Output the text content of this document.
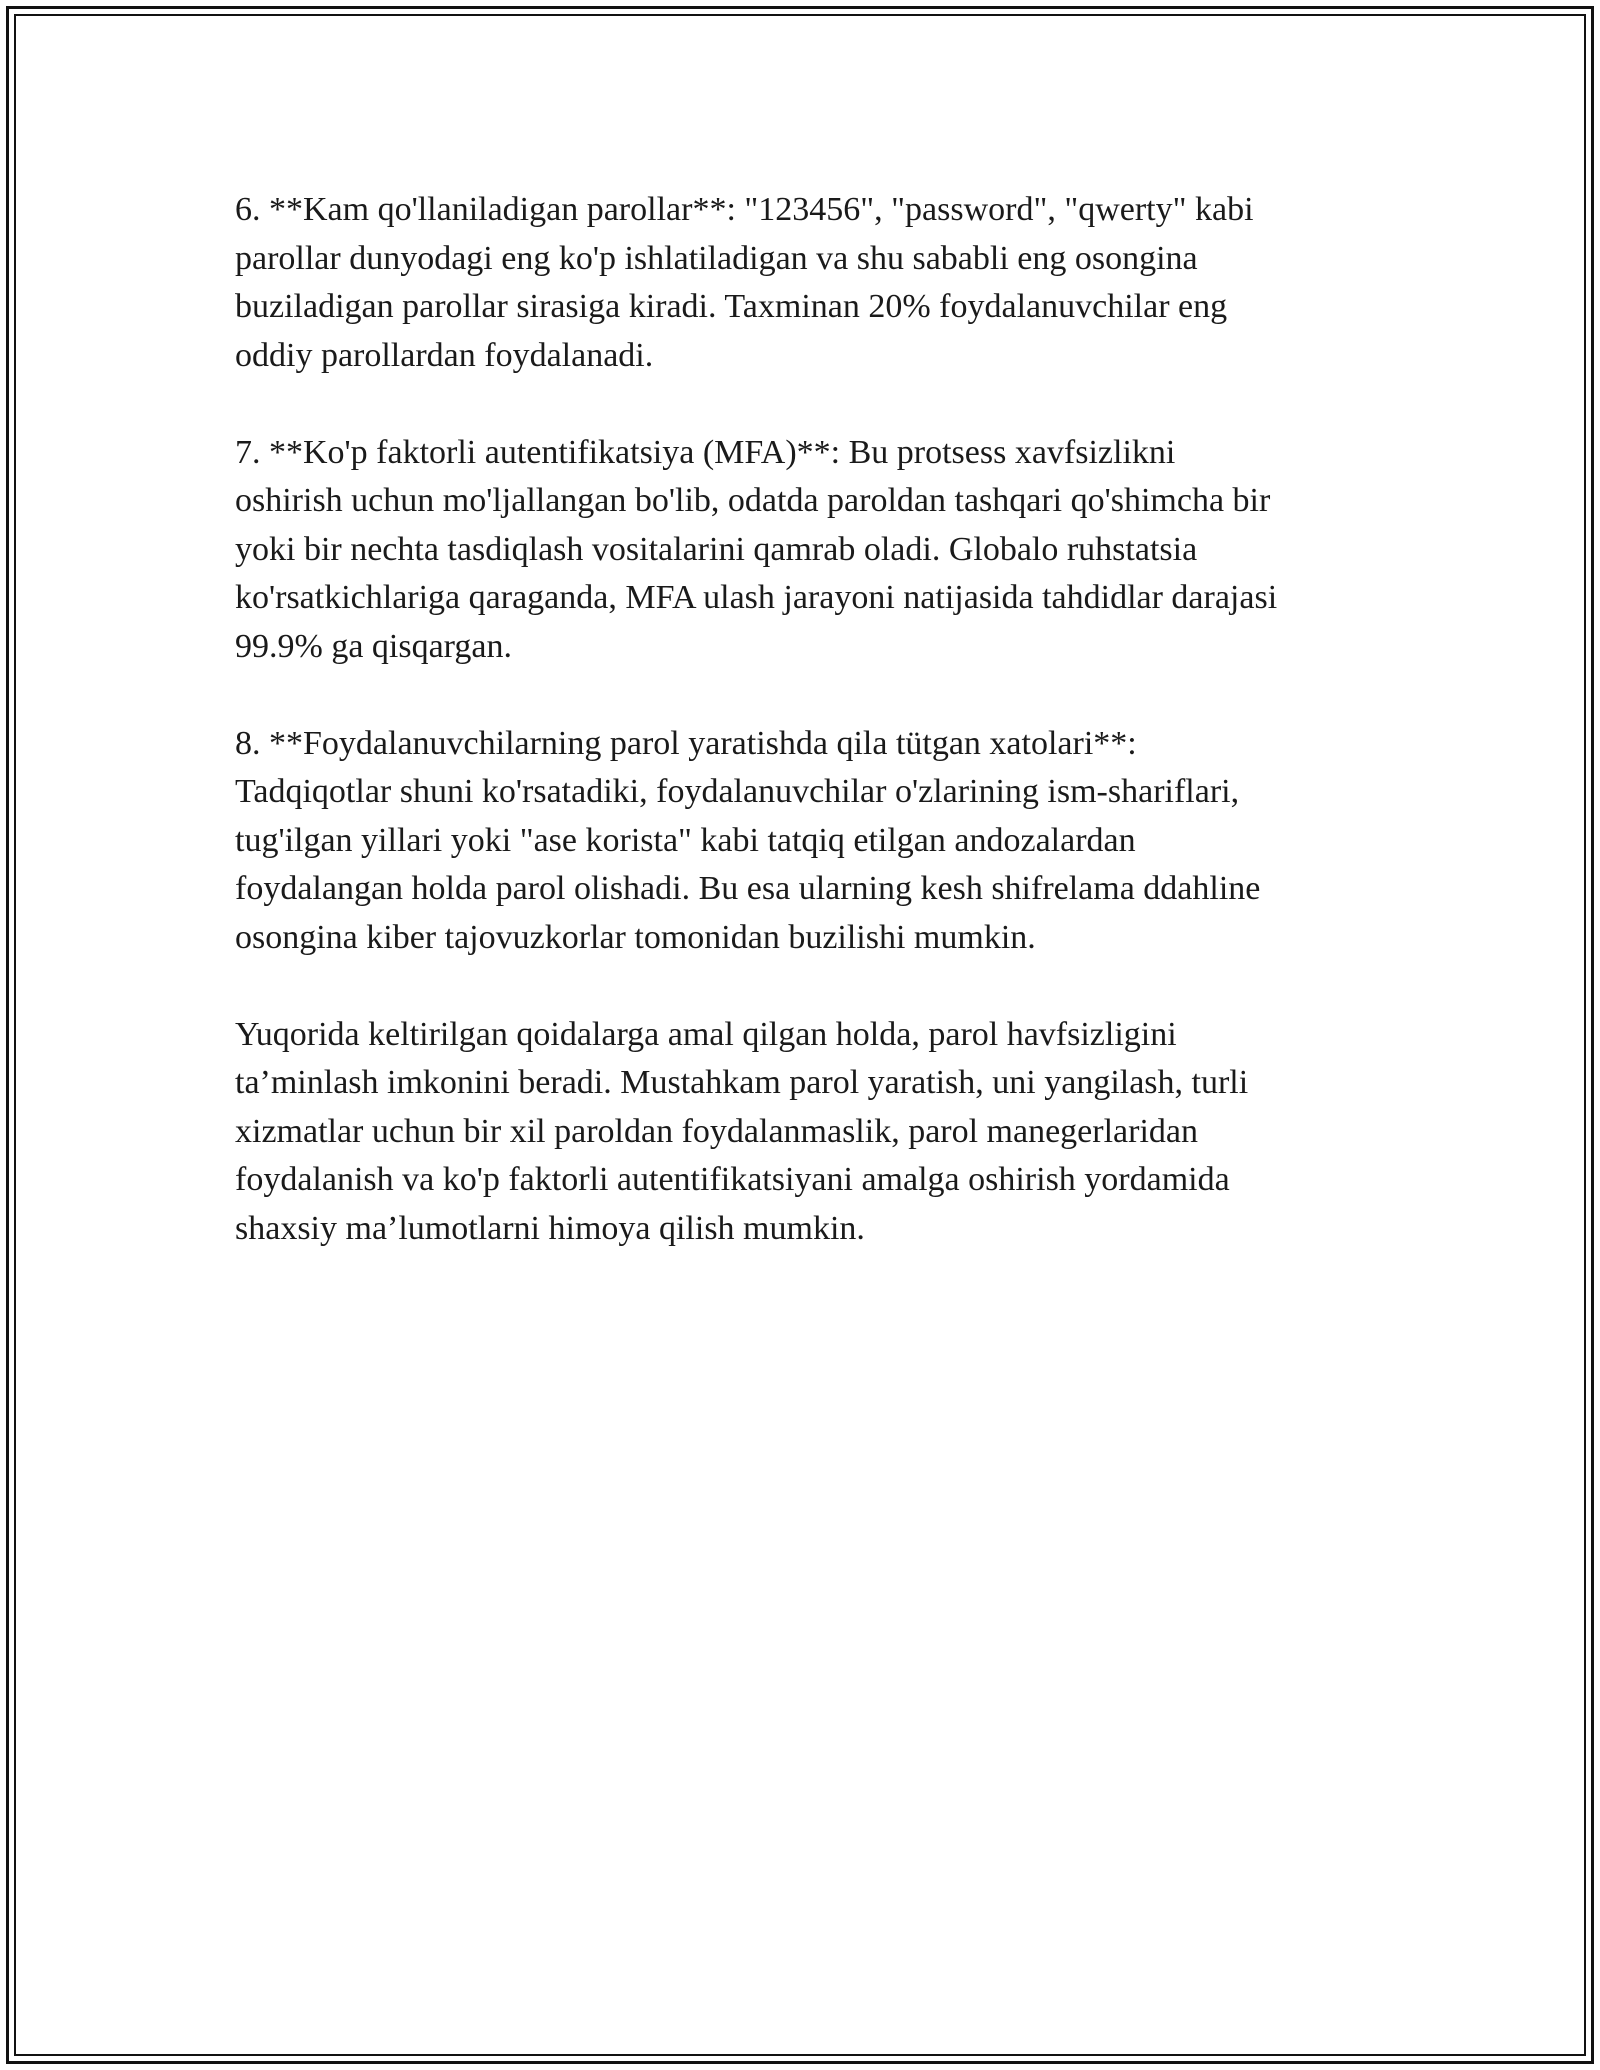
6. **Kam qo'llaniladigan parollar**: "123456", "password", "qwerty" kabi
parollar dunyodagi eng ko'p ishlatiladigan va shu sababli eng osongina
buziladigan parollar sirasiga kiradi. Taxminan 20% foydalanuvchilar eng
oddiy parollardan foydalanadi.

7. **Ko'p faktorli autentifikatsiya (MFA)**: Bu protsess xavfsizlikni
oshirish uchun mo'ljallangan bo'lib, odatda paroldan tashqari qo'shimcha bir
yoki bir nechta tasdiqlash vositalarini qamrab oladi. Globalo ruhstatsia
ko'rsatkichlariga qaraganda, MFA ulash jarayoni natijasida tahdidlar darajasi
99.9% ga qisqargan.

8. **Foydalanuvchilarning parol yaratishda qila tütgan xatolari**:
Tadqiqotlar shuni ko'rsatadiki, foydalanuvchilar o'zlarining ism-shariflari,
tug'ilgan yillari yoki "ase korista" kabi tatqiq etilgan andozalardan
foydalangan holda parol olishadi. Bu esa ularning kesh shifrelama ddahline
osongina kiber tajovuzkorlar tomonidan buzilishi mumkin.

Yuqorida keltirilgan qoidalarga amal qilgan holda, parol havfsizligini
ta’minlash imkonini beradi. Mustahkam parol yaratish, uni yangilash, turli
xizmatlar uchun bir xil paroldan foydalanmaslik, parol manegerlaridan
foydalanish va ko'p faktorli autentifikatsiyani amalga oshirish yordamida
shaxsiy ma’lumotlarni himoya qilish mumkin.
